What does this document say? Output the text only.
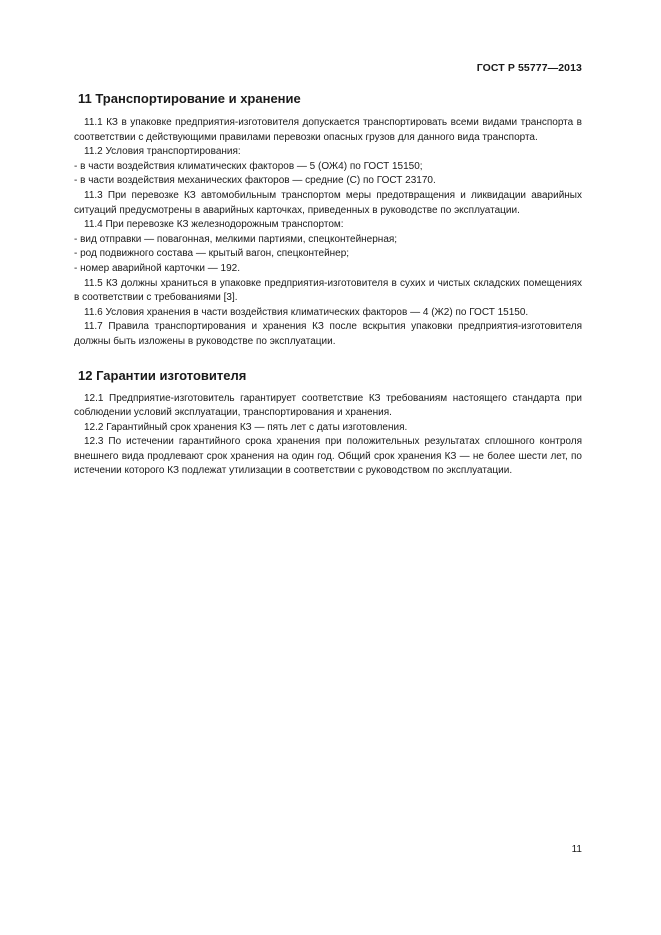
ГОСТ Р 55777—2013
11 Транспортирование и хранение

11.1 КЗ в упаковке предприятия-изготовителя допускается транспортировать всеми видами транспорта в соответствии с действующими правилами перевозки опасных грузов для данного вида транспорта.

11.2 Условия транспортирования:

- в части воздействия климатических факторов — 5 (ОЖ4) по ГОСТ 15150;

- в части воздействия механических факторов — средние (С) по ГОСТ 23170.

11.3 При перевозке КЗ автомобильным транспортом меры предотвращения и ликвидации аварийных ситуаций предусмотрены в аварийных карточках, приведенных в руководстве по эксплуатации.

11.4 При перевозке КЗ железнодорожным транспортом:

- вид отправки — повагонная, мелкими партиями, спецконтейнерная;

- род подвижного состава — крытый вагон, спецконтейнер;

- номер аварийной карточки — 192.

11.5 КЗ должны храниться в упаковке предприятия-изготовителя в сухих и чистых складских помещениях в соответствии с требованиями [3].

11.6 Условия хранения в части воздействия климатических факторов — 4 (Ж2) по ГОСТ 15150.

11.7 Правила транспортирования и хранения КЗ после вскрытия упаковки предприятия-изготовителя должны быть изложены в руководстве по эксплуатации.

12 Гарантии изготовителя

12.1 Предприятие-изготовитель гарантирует соответствие КЗ требованиям настоящего стандарта при соблюдении условий эксплуатации, транспортирования и хранения.

12.2 Гарантийный срок хранения КЗ — пять лет с даты изготовления.

12.3 По истечении гарантийного срока хранения при положительных результатах сплошного контроля внешнего вида продлевают срок хранения на один год. Общий срок хранения КЗ — не более шести лет, по истечении которого КЗ подлежат утилизации в соответствии с руководством по эксплуатации.

11
